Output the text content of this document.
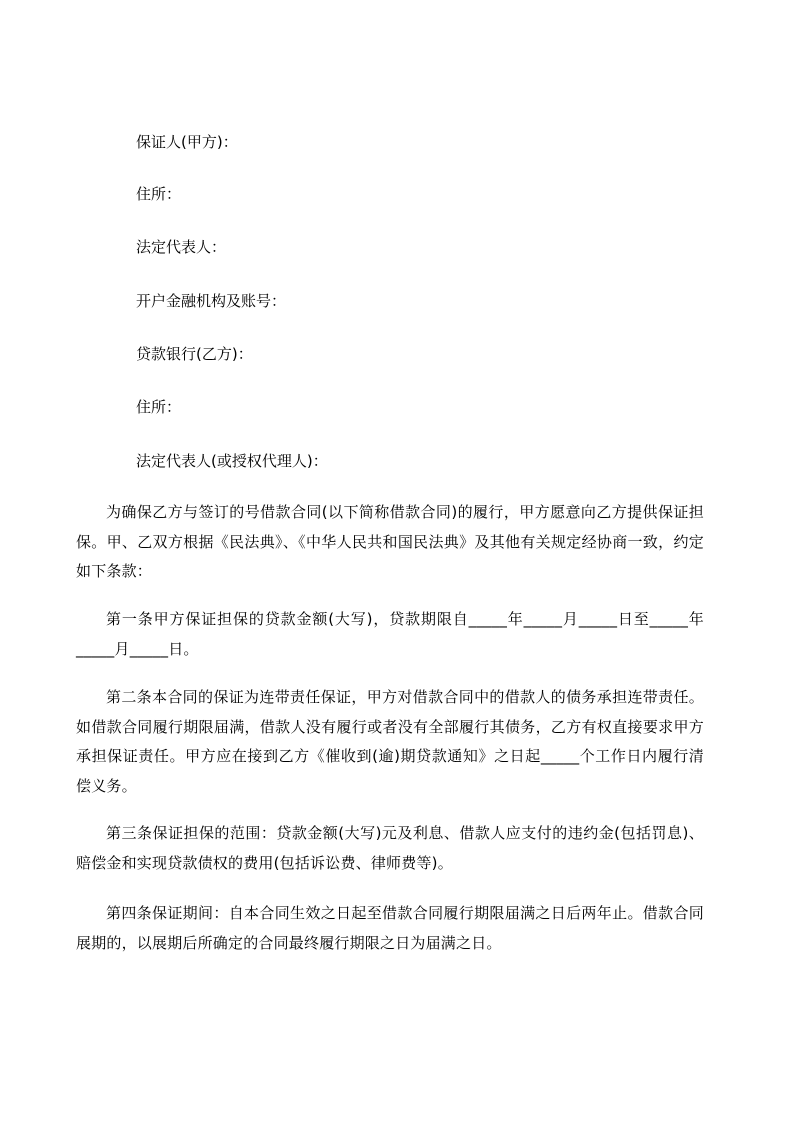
保证人(甲方)：
住所：
法定代表人：
开户金融机构及账号：
贷款银行(乙方)：
住所：
法定代表人(或授权代理人)：

为确保乙方与签订的号借款合同(以下简称借款合同)的履行，甲方愿意向乙方提供保证担保。甲、乙双方根据《民法典》、《中华人民共和国民法典》及其他有关规定经协商一致，约定如下条款：

第一条甲方保证担保的贷款金额(大写)，贷款期限自_____年_____月_____日至_____年_____月_____日。

第二条本合同的保证为连带责任保证，甲方对借款合同中的借款人的债务承担连带责任。如借款合同履行期限届满，借款人没有履行或者没有全部履行其债务，乙方有权直接要求甲方承担保证责任。甲方应在接到乙方《催收到(逾)期贷款通知》之日起_____个工作日内履行清偿义务。

第三条保证担保的范围：贷款金额(大写)元及利息、借款人应支付的违约金(包括罚息)、赔偿金和实现贷款债权的费用(包括诉讼费、律师费等)。

第四条保证期间：自本合同生效之日起至借款合同履行期限届满之日后两年止。借款合同展期的，以展期后所确定的合同最终履行期限之日为届满之日。
